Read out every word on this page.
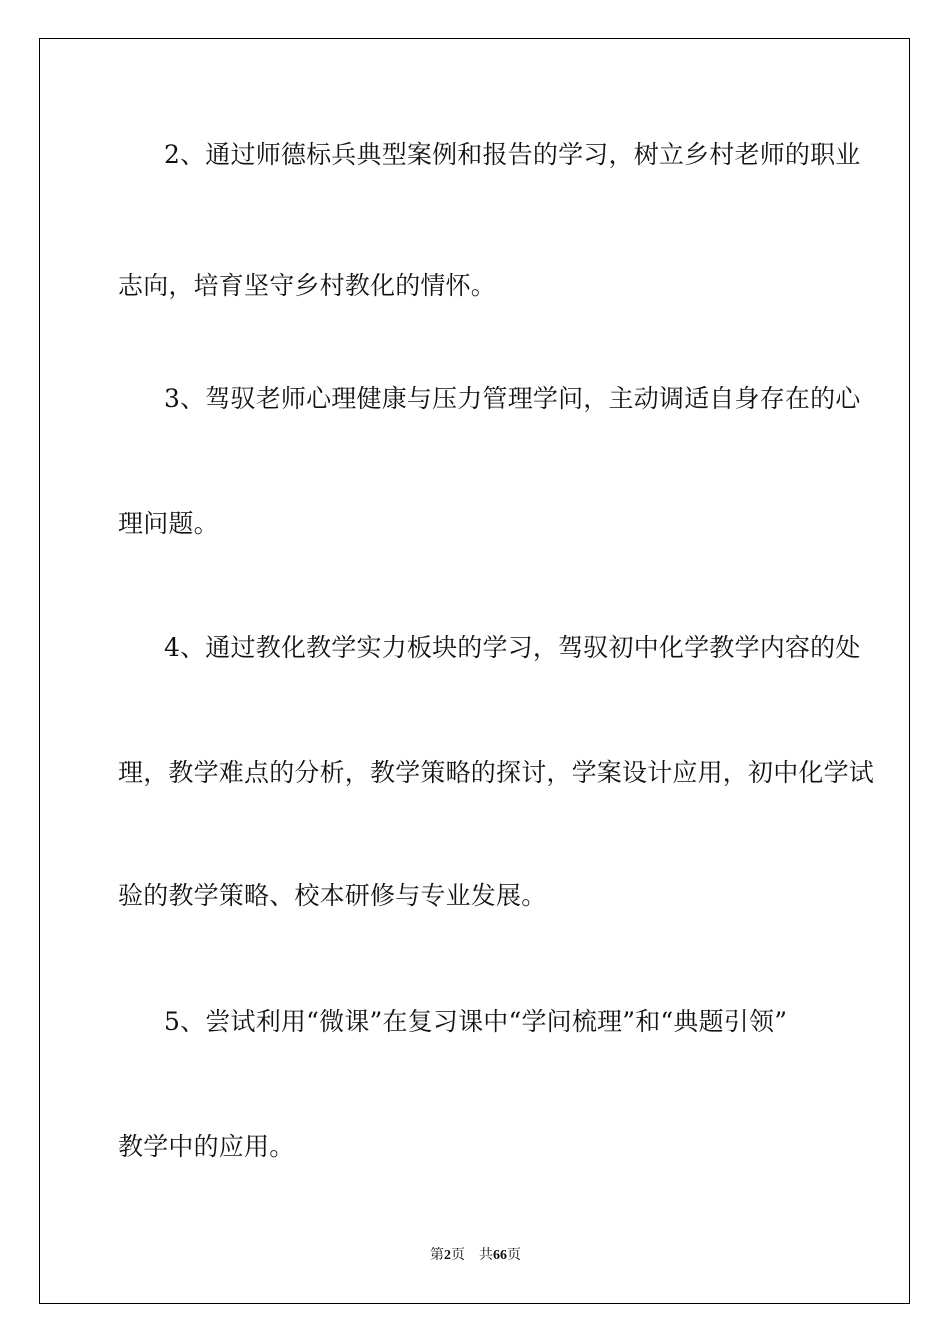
2、通过师德标兵典型案例和报告的学习，树立乡村老师的职业
志向，培育坚守乡村教化的情怀。
3、驾驭老师心理健康与压力管理学问，主动调适自身存在的心
理问题。
4、通过教化教学实力板块的学习，驾驭初中化学教学内容的处
理，教学难点的分析，教学策略的探讨，学案设计应用，初中化学试
验的教学策略、校本研修与专业发展。
5、尝试利用“微课”在复习课中“学问梳理”和“典题引领”
教学中的应用。
第2页 共66页
